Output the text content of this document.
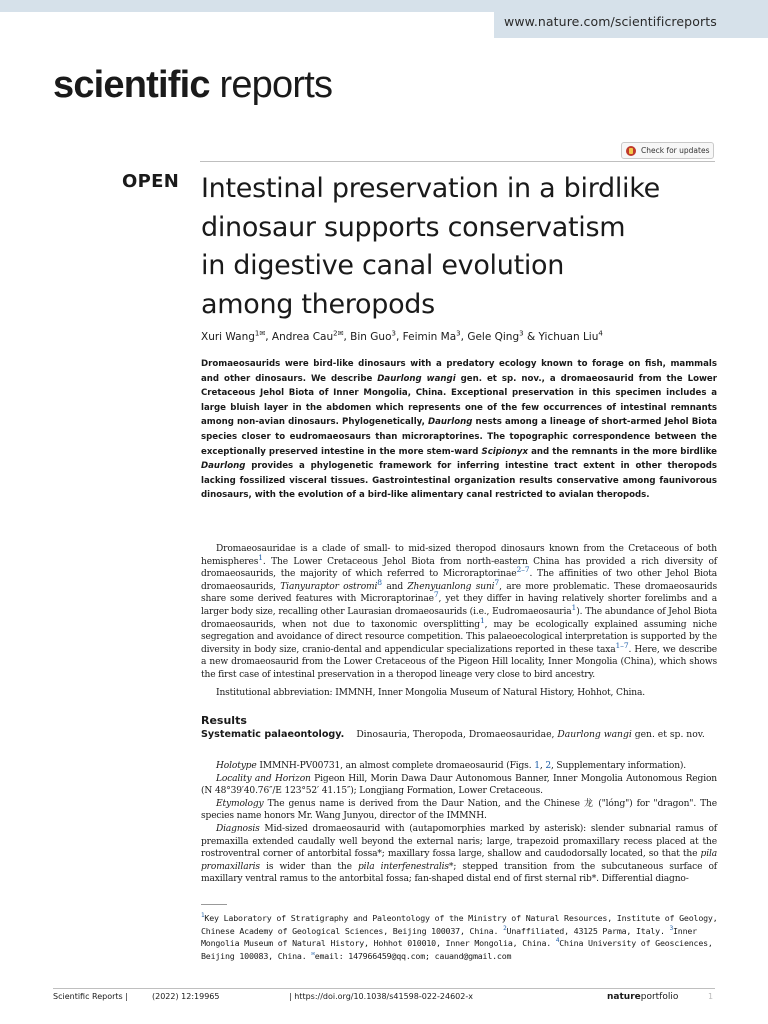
www.nature.com/scientificreports
scientific reports
Check for updates
OPEN Intestinal preservation in a birdlike
dinosaur supports conservatism
in digestive canal evolution
among theropods
Xuri Wang$^{1✉}$, Andrea Cau$^{2✉}$, Bin Guo$^3$, Feimin Ma$^3$, Gele Qing$^3$ & Yichuan Liu$^4$

Dromaeosaurids were bird-like dinosaurs with a predatory ecology known to forage on fish, mammals and other dinosaurs. We describe Daurlong wangi gen. et sp. nov., a dromaeosaurid from the Lower Cretaceous Jehol Biota of Inner Mongolia, China. Exceptional preservation in this specimen includes a large bluish layer in the abdomen which represents one of the few occurrences of intestinal remnants among non-avian dinosaurs. Phylogenetically, Daurlong nests among a lineage of short-armed Jehol Biota species closer to eudromaeosaurs than microraptorines. The topographic correspondence between the exceptionally preserved intestine in the more stem-ward Scipionyx and the remnants in the more birdlike Daurlong provides a phylogenetic framework for inferring intestine tract extent in other theropods lacking fossilized visceral tissues. Gastrointestinal organization results conservative among faunivorous dinosaurs, with the evolution of a bird-like alimentary canal restricted to avialan theropods.

Dromaeosauridae is a clade of small- to mid-sized theropod dinosaurs known from the Cretaceous of both hemispheres$^1$. The Lower Cretaceous Jehol Biota from north-eastern China has provided a rich diversity of dromaeosaurids, the majority of which referred to Microraptorinae$^{2-7}$. The affinities of two other Jehol Biota dromaeosaurids, Tianyuraptor ostromi$^8$ and Zhenyuanlong suni$^7$, are more problematic. These dromaeosaurids share some derived features with Microraptorinae$^7$, yet they differ in having relatively shorter forelimbs and a larger body size, recalling other Laurasian dromaeosaurids (i.e., Eudromaeosauria$^1$). The abundance of Jehol Biota dromaeosaurids, when not due to taxonomic oversplitting$^1$, may be ecologically explained assuming niche segregation and avoidance of direct resource competition. This palaeoecological interpretation is supported by the diversity in body size, cranio-dental and appendicular specializations reported in these taxa$^{1-7}$. Here, we describe a new dromaeosaurid from the Lower Cretaceous of the Pigeon Hill locality, Inner Mongolia (China), which shows the first case of intestinal preservation in a theropod lineage very close to bird ancestry.

Institutional abbreviation: IMMNH, Inner Mongolia Museum of Natural History, Hohhot, China.

Results
Systematic palaeontology. Dinosauria, Theropoda, Dromaeosauridae, Daurlong wangi gen. et sp. nov.

Holotype IMMNH-PV00731, an almost complete dromaeosaurid (Figs. 1, 2, Supplementary information).

Locality and Horizon Pigeon Hill, Morin Dawa Daur Autonomous Banner, Inner Mongolia Autonomous Region (N 48°39′40.76″/E 123°52′ 41.15″); Longjiang Formation, Lower Cretaceous.

Etymology The genus name is derived from the Daur Nation, and the Chinese 龙 ("lóng") for "dragon". The species name honors Mr. Wang Junyou, director of the IMMNH.

Diagnosis Mid-sized dromaeosaurid with (autapomorphies marked by asterisk): slender subnarial ramus of premaxilla extended caudally well beyond the external naris; large, trapezoid promaxillary recess placed at the rostroventral corner of antorbital fossa*; maxillary fossa large, shallow and caudodorsally located, so that the pila promaxillaris is wider than the pila interfenestralis*; stepped transition from the subcutaneous surface of maxillary ventral ramus to the antorbital fossa; fan-shaped distal end of first sternal rib*. Differential diagno-

$^1$Key Laboratory of Stratigraphy and Paleontology of the Ministry of Natural Resources, Institute of Geology, Chinese Academy of Geological Sciences, Beijing 100037, China. $^2$Unaffiliated, 43125 Parma, Italy. $^3$Inner Mongolia Museum of Natural History, Hohhot 010010, Inner Mongolia, China. $^4$China University of Geosciences, Beijing 100083, China. ✉email: 147966459@qq.com; cauand@gmail.com

Scientific Reports |	(2022) 12:19965	| https://doi.org/10.1038/s41598-022-24602-x	natureportfolio	1
